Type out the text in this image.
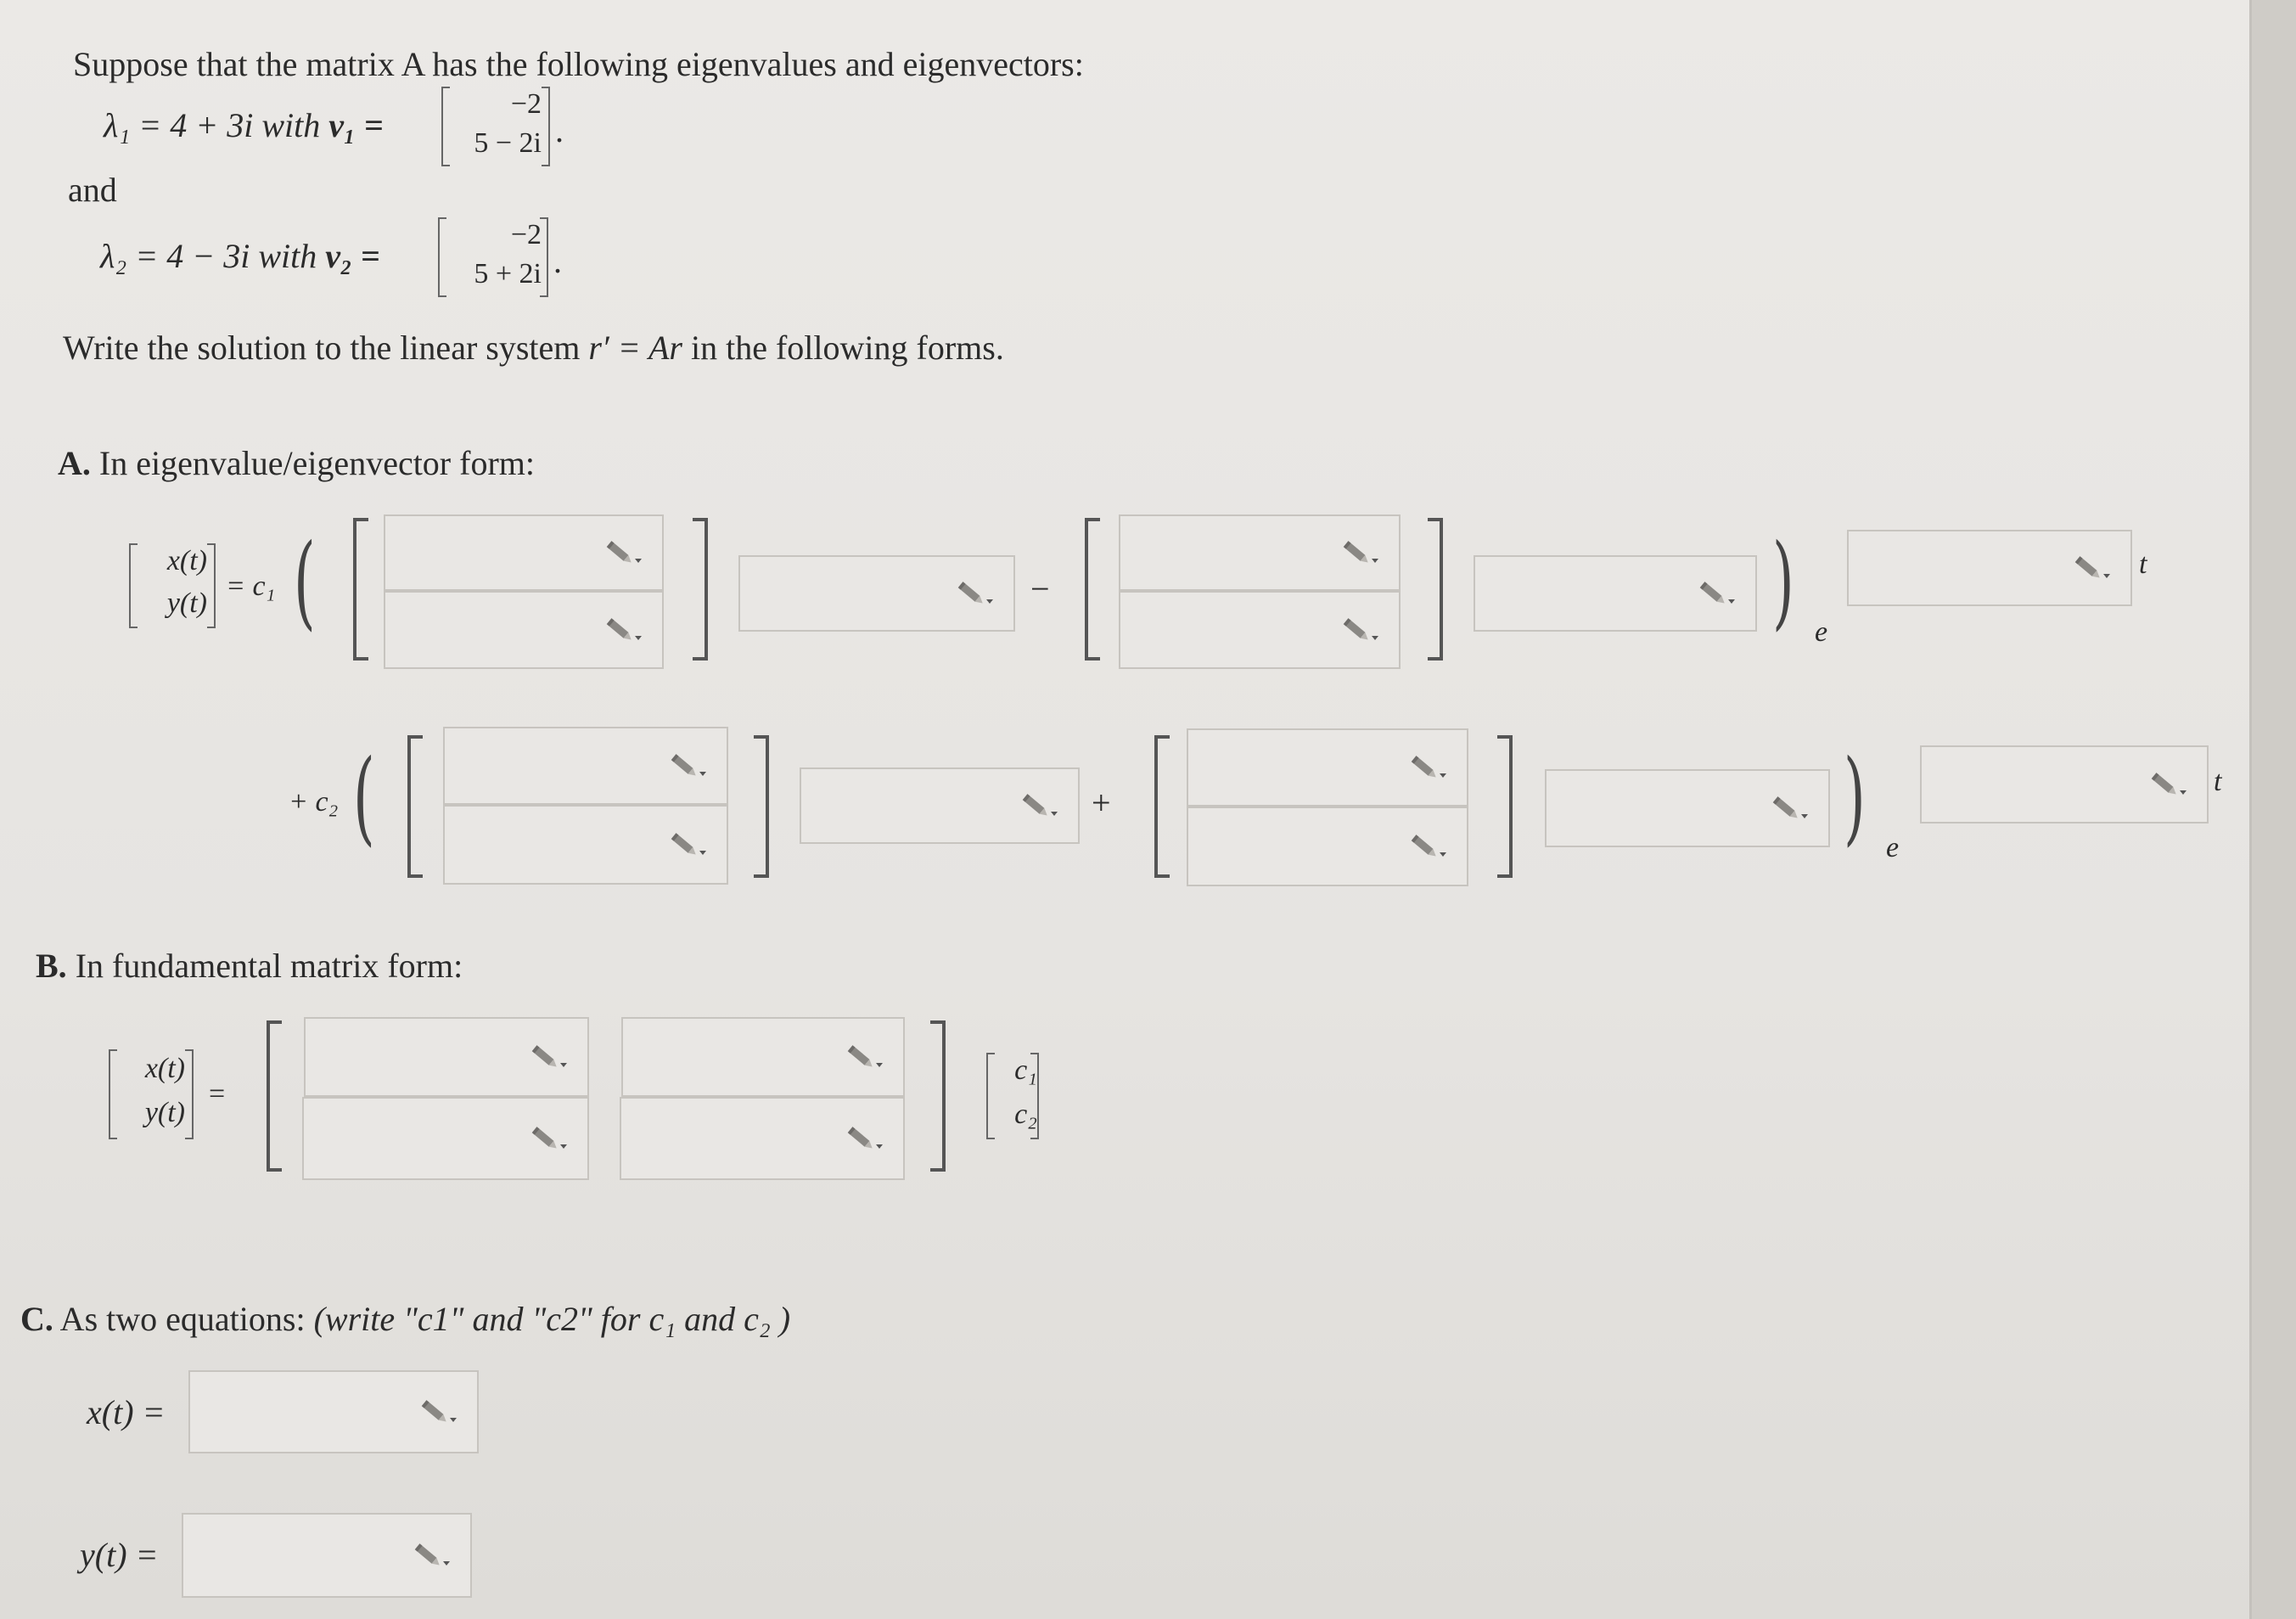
Suppose that the matrix A has the following eigenvalues and eigenvectors:
λ₁ = 4 + 3i with v₁ =
−2
5 − 2i .
and
λ₂ = 4 − 3i with v₂ =
−2
5 + 2i .
Write the solution to the linear system r′ = Ar in the following forms.
A. In eigenvalue/eigenvector form:
x(t)
y(t)
= c₁ (	−	) e
t
+ c₂ (	+	) e
t
B. In fundamental matrix form:
x(t)
y(t)
=
c₁
c₂
C. As two equations: (write "c1" and "c2" for c₁ and c₂ )
x(t) =
y(t) =
